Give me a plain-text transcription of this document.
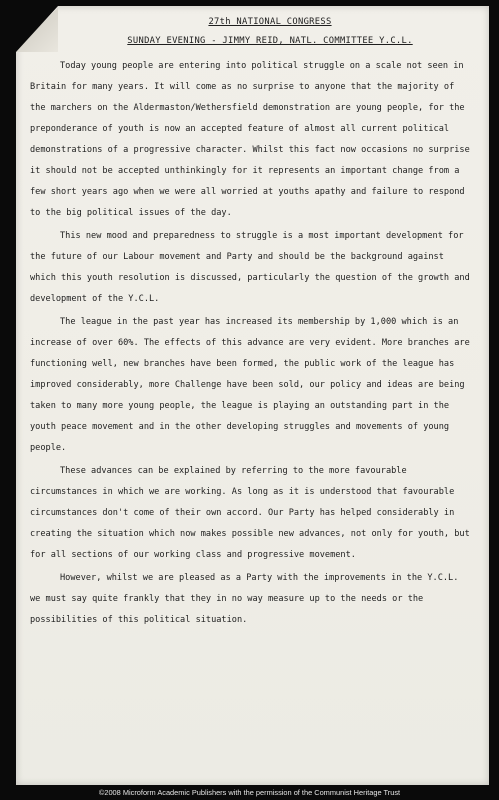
27th NATIONAL CONGRESS

SUNDAY EVENING - JIMMY REID, NATL. COMMITTEE Y.C.L.

Today young people are entering into political struggle on a scale not seen in Britain for many years. It will come as no surprise to anyone that the majority of the marchers on the Aldermaston/Wethersfield demonstration are young people, for the preponderance of youth is now an accepted feature of almost all current political demonstrations of a progressive character. Whilst this fact now occasions no surprise it should not be accepted unthinkingly for it represents an important change from a few short years ago when we were all worried at youths apathy and failure to respond to the big political issues of the day.

This new mood and preparedness to struggle is a most important development for the future of our Labour movement and Party and should be the background against which this youth resolution is discussed, particularly the question of the growth and development of the Y.C.L.

The league in the past year has increased its membership by 1,000 which is an increase of over 60%. The effects of this advance are very evident. More branches are functioning well, new branches have been formed, the public work of the league has improved considerably, more Challenge have been sold, our policy and ideas are being taken to many more young people, the league is playing an outstanding part in the youth peace movement and in the other developing struggles and movements of young people.

These advances can be explained by referring to the more favourable circumstances in which we are working. As long as it is understood that favourable circumstances don't come of their own accord. Our Party has helped considerably in creating the situation which now makes possible new advances, not only for youth, but for all sections of our working class and progressive movement.

However, whilst we are pleased as a Party with the improvements in the Y.C.L. we must say quite frankly that they in no way measure up to the needs or the possibilities of this political situation.

©2008 Microform Academic Publishers with the permission of the Communist Heritage Trust
